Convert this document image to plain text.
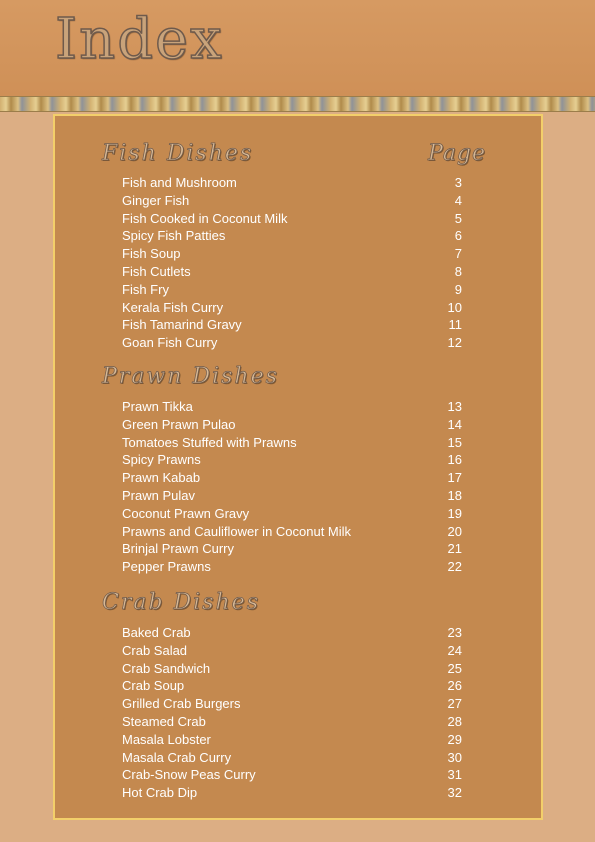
Index
Fish Dishes	Page
Fish and Mushroom	3
Ginger Fish	4
Fish Cooked in Coconut Milk	5
Spicy Fish Patties	6
Fish Soup	7
Fish Cutlets	8
Fish Fry	9
Kerala Fish Curry	10
Fish Tamarind Gravy	11
Goan Fish Curry	12
Prawn Dishes
Prawn Tikka	13
Green Prawn Pulao	14
Tomatoes Stuffed with Prawns	15
Spicy Prawns	16
Prawn Kabab	17
Prawn Pulav	18
Coconut Prawn Gravy	19
Prawns and Cauliflower in Coconut Milk	20
Brinjal Prawn Curry	21
Pepper Prawns	22
Crab Dishes
Baked Crab	23
Crab Salad	24
Crab Sandwich	25
Crab Soup	26
Grilled Crab Burgers	27
Steamed Crab	28
Masala Lobster	29
Masala Crab Curry	30
Crab-Snow Peas Curry	31
Hot Crab Dip	32
